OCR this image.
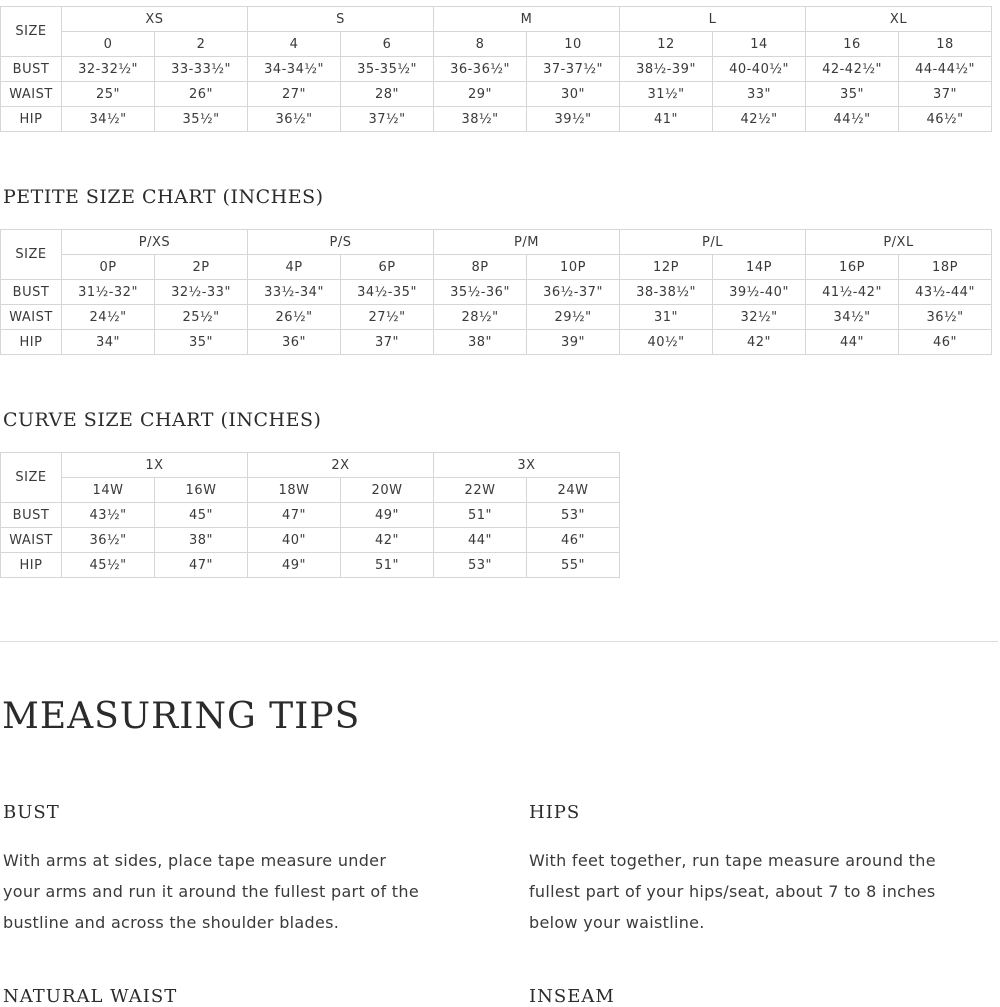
SIZE	XS		S		M		L		XL	
	0	2	4	6	8	10	12	14	16	18
BUST	32-32½"	33-33½"	34-34½"	35-35½"	36-36½"	37-37½"	38½-39"	40-40½"	42-42½"	44-44½"
WAIST	25"	26"	27"	28"	29"	30"	31½"	33"	35"	37"
HIP	34½"	35½"	36½"	37½"	38½"	39½"	41"	42½"	44½"	46½"
PETITE SIZE CHART (INCHES)
SIZE	P/XS		P/S		P/M		P/L		P/XL	
	0P	2P	4P	6P	8P	10P	12P	14P	16P	18P
BUST	31½-32"	32½-33"	33½-34"	34½-35"	35½-36"	36½-37"	38-38½"	39½-40"	41½-42"	43½-44"
WAIST	24½"	25½"	26½"	27½"	28½"	29½"	31"	32½"	34½"	36½"
HIP	34"	35"	36"	37"	38"	39"	40½"	42"	44"	46"
CURVE SIZE CHART (INCHES)
SIZE	1X		2X		3X	
	14W	16W	18W	20W	22W	24W
BUST	43½"	45"	47"	49"	51"	53"
WAIST	36½"	38"	40"	42"	44"	46"
HIP	45½"	47"	49"	51"	53"	55"
MEASURING TIPS
BUST

With arms at sides, place tape measure under your arms and run it around the fullest part of the bustline and across the shoulder blades.

HIPS

With feet together, run tape measure around the fullest part of your hips/seat, about 7 to 8 inches below your waistline.

NATURAL WAIST	INSEAM
